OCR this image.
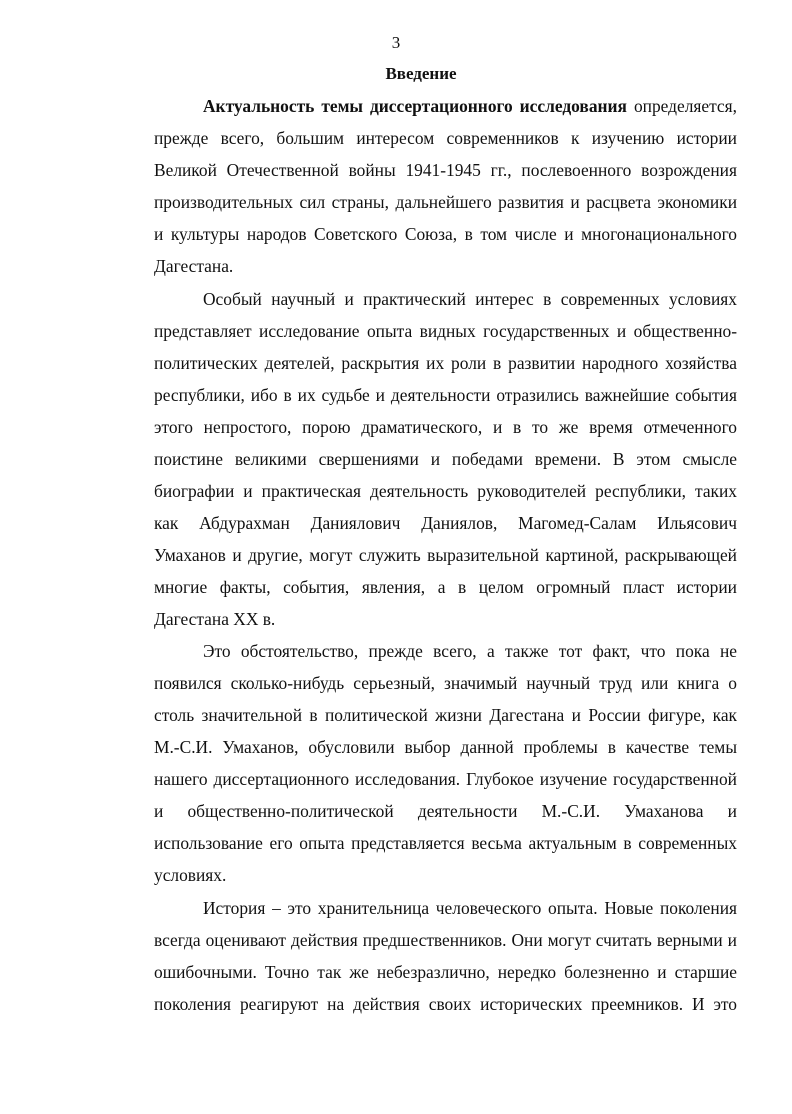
3
Введение
Актуальность темы диссертационного исследования определяется,
прежде всего, большим интересом современников к изучению истории
Великой Отечественной войны 1941-1945 гг., послевоенного возрождения
производительных сил страны, дальнейшего развития и расцвета экономики
и культуры народов Советского Союза, в том числе и многонационального
Дагестана.
Особый научный и практический интерес в современных условиях
представляет исследование опыта видных государственных и общественно-
политических деятелей, раскрытия их роли в развитии народного хозяйства
республики, ибо в их судьбе и деятельности отразились важнейшие события
этого непростого, порою драматического, и в то же время отмеченного
поистине великими свершениями и победами времени. В этом смысле
биографии и практическая деятельность руководителей республики, таких
как Абдурахман Даниялович Даниялов, Магомед-Салам Ильясович
Умаханов и другие, могут служить выразительной картиной, раскрывающей
многие факты, события, явления, а в целом огромный пласт истории
Дагестана XX в.
Это обстоятельство, прежде всего, а также тот факт, что пока не
появился сколько-нибудь серьезный, значимый научный труд или книга о
столь значительной в политической жизни Дагестана и России фигуре, как
М.-С.И. Умаханов, обусловили выбор данной проблемы в качестве темы
нашего диссертационного исследования. Глубокое изучение государственной
и общественно-политической деятельности М.-С.И. Умаханова и
использование его опыта представляется весьма актуальным в современных
условиях.
История – это хранительница человеческого опыта. Новые поколения
всегда оценивают действия предшественников. Они могут считать верными и
ошибочными. Точно так же небезразлично, нередко болезненно и старшие
поколения реагируют на действия своих исторических преемников. И это
